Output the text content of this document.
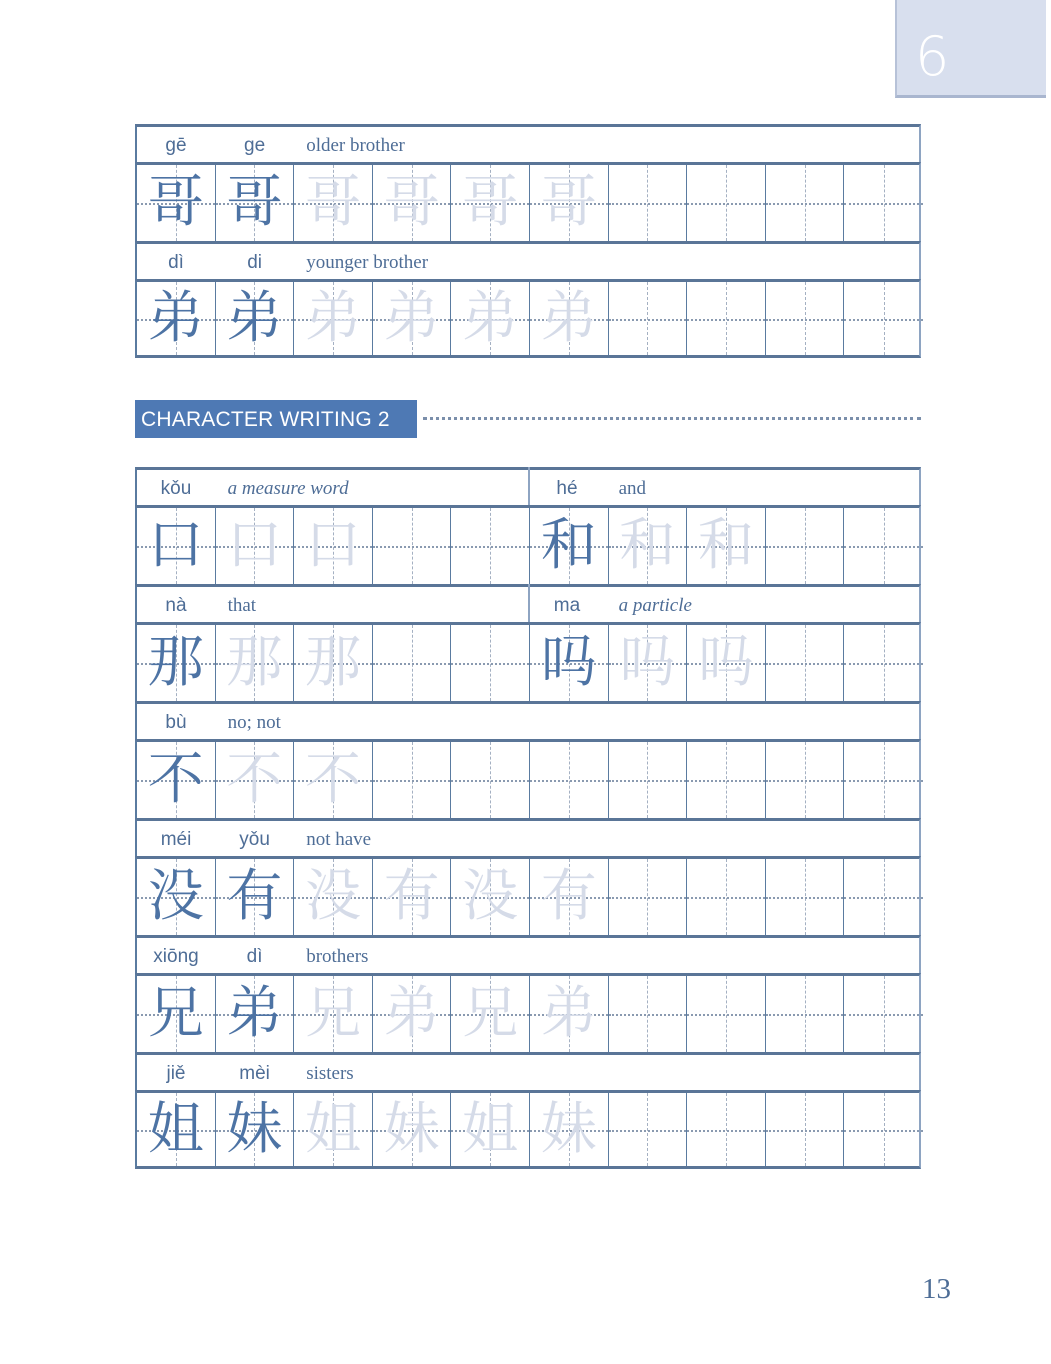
6
gē	ge	older brother
哥 哥 哥 哥 哥 哥
dì	di	younger brother
弟 弟 弟 弟 弟 弟
CHARACTER WRITING 2
kǒu	a measure word	hé	and
口 口 口	和 和 和
nà	that	ma	a particle
那 那 那	吗 吗 吗
bù	no; not
不 不 不
méi	yǒu	not have
没 有 没 有 没 有
xiōng	dì	brothers
兄 弟 兄 弟 兄 弟
jiě	mèi	sisters
姐 妹 姐 妹 姐 妹
13
